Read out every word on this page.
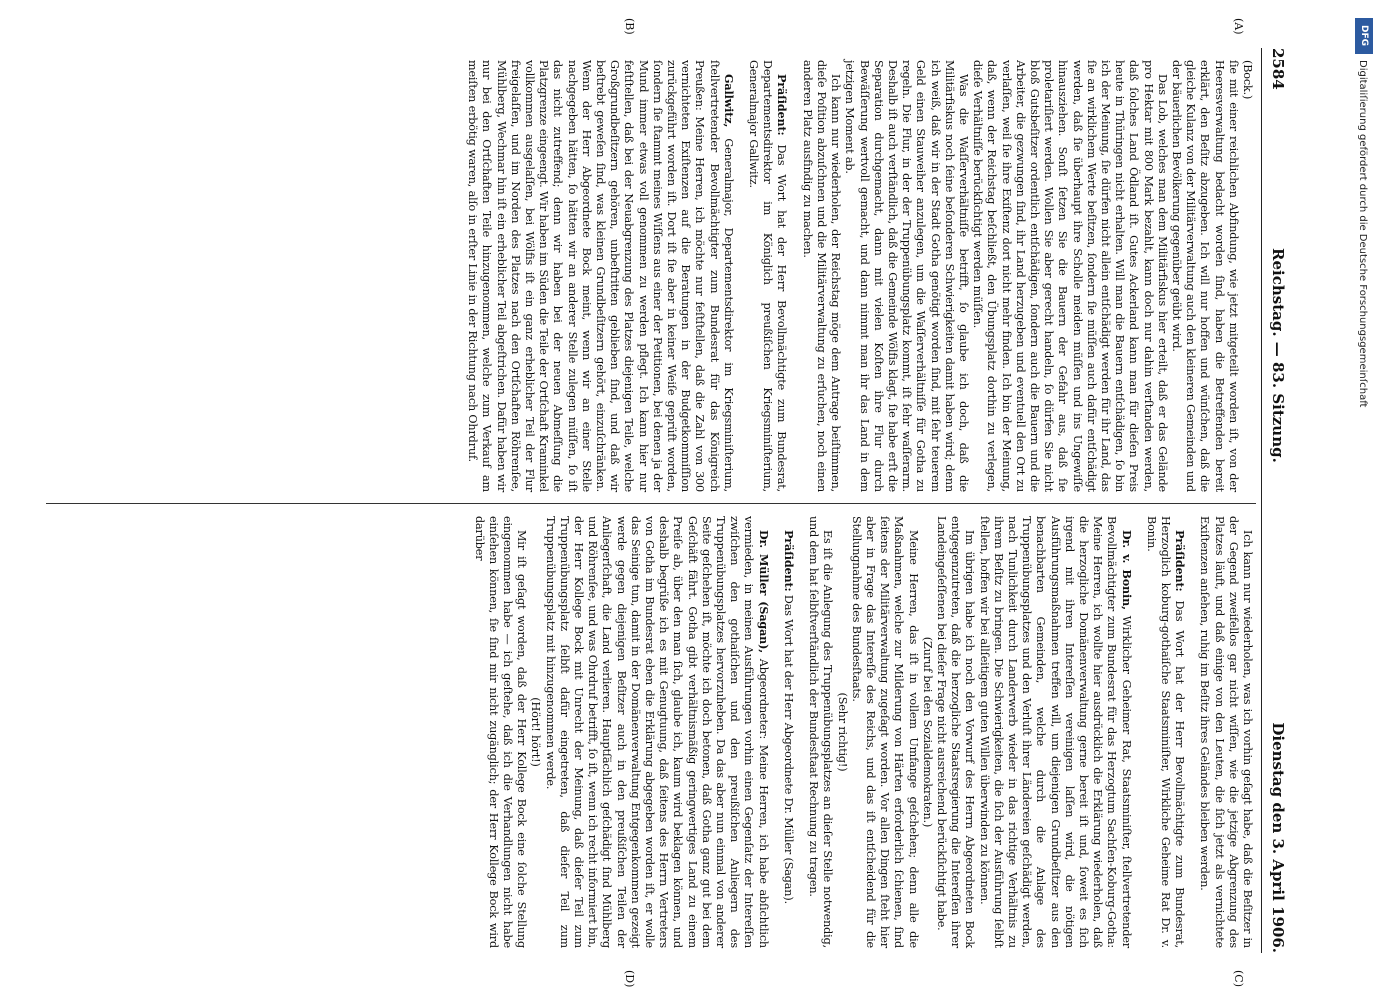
2584
Reichstag. — 83. Sitzung.
Dienstag den 3. April 1906.
(A)
(B)
(C)
(D)

(Bock.)

ſie mit einer reichlichen Abfindung, wie jetzt mitgeteilt worden iſt, von der Heeresverwaltung bedacht worden ſind, haben die Betreffenden bereit erklärt, den Beſitz abzugeben. Ich will nur hoffen und wünſchen, daß die gleiche Kulanz von der Militärverwaltung auch den kleineren Gemeinden und der bäuerlichen Bevölkerung gegenüber geübt wird.

Das Lob, welches man dem Militärfiskus hier erteilt, daß er das Gelände pro Hektar mit 800 Mark bezahlt, kann doch nur dahin verſtanden werden, daß ſolches Land Ödland iſt. Gutes Ackerland kann man für dieſen Preis heute in Thüringen nicht erhalten. Will man die Bauern entſchädigen, ſo bin ich der Meinung, ſie dürfen nicht allein entſchädigt werden für ihr Land, das ſie an wirklichem Werte beſitzen, ſondern ſie müſſen auch dafür entſchädigt werden, daß ſie überhaupt ihre Scholle meiden müſſen und ins Ungewiſſe hinausziehen. Sonſt ſetzen Sie die Bauern der Gefahr aus, daß ſie proletariſiert werden. Wollen Sie aber gerecht handeln, ſo dürfen Sie nicht bloß Gutsbeſitzer ordentlich entſchädigen, ſondern auch die Bauern und die Arbeiter, die gezwungen ſind, ihr Land herzugeben und eventuell den Ort zu verlaſſen, weil ſie ihre Exiſtenz dort nicht mehr finden. Ich bin der Meinung, daß, wenn der Reichstag beſchließt, den Übungsplatz dorthin zu verlegen, dieſe Verhältniſſe berückſichtigt werden müſſen.

Was die Waſſerverhältniſſe betrifft, ſo glaube ich doch, daß die Militärfiskus noch ſeine beſonderen Schwierigkeiten damit haben wird; denn ich weiß, daß wir in der Stadt Gotha genötigt worden ſind, mit ſehr teuerem Geld einen Stauweiher anzulegen, um die Waſſerverhältniſſe für Gotha zu regeln. Die Flur, in der der Truppenübungsplatz kommt, iſt ſehr waſſerarm. Deshalb iſt auch verſtändlich, daß die Gemeinde Wölfis klagt, ſie habe erſt die Separation durchgemacht, dann mit vielen Koſten ihre Flur durch Bewäſſerung wertvoll gemacht, und dann nimmt man ihr das Land in dem jetzigen Moment ab.

Ich kann nur wiederholen, der Reichstag möge dem Antrage beiſtimmen, dieſe Poſition abzuſchnen und die Militärverwaltung zu erſuchen, noch einen anderen Platz ausfindig zu machen.

Präſident: Das Wort hat der Herr Bevollmächtigte zum Bundesrat, Departementsdirektor im Königlich preußiſchen Kriegsminiſterium, Generalmajor Gallwitz.

Gallwitz, Generalmajor, Departementsdirektor im Kriegsminiſterium, ſtellvertretender Bevollmächtigter zum Bundesrat für das Königreich Preußen: Meine Herren, ich möchte nur feſtſtellen, daß die Zahl von 300 vernichteten Exiſtenzen auf die Beratungen in der Budgetkommiſſion zurückgeführt worden iſt. Dort iſt ſie aber in keiner Weiſe geprüft worden, ſondern ſie ſtammt meines Wiſſens aus einer der Petitionen, bei denen ja der Mund immer etwas voll genommen zu werden pflegt. Ich kann hier nur feſtſtellen, daß bei der Neuabgrenzung des Platzes diejenigen Teile, welche Großgrundbeſitzern gehören, unbeſtritten geblieben ſind, und daß wir beſtrebt geweſen ſind, was kleinen Grundbeſitzern gehört, einzuſchränken. Wenn der Herr Abgeordnete Bock meint, wenn wir an einer Stelle nachgegeben hätten, ſo hätten wir an anderer Stelle zulegen müſſen, ſo iſt das nicht zutreffend; denn wir haben bei der neuen Abmeſſung die Platzgrenze eingeengt. Wir haben im Süden die Teile der Ortſchaft Kraminkel vollkommen ausgelaſſen, bei Wölfis iſt ein ganz erheblicher Teil der Flur freigelaſſen, und im Norden des Platzes nach den Ortſchaften Röhrenſee, Mühlberg, Wechmar hin iſt ein erheblicher Teil abgeſtrichen. Dafür haben wir nur bei den Ortſchaften Teile hinzugenommen, welche zum Verkauf am meiſten erbötig waren, alſo in erſter Linie in der Richtung nach Ohrdruf.

Ich kann nur wiederholen, was ich vorhin geſagt habe, daß die Beſitzer in der Gegend zweifellos gar nicht wiſſen, wie die jetzige Abgrenzung des Platzes läuft, und daß einige von den Leuten, die ſich jetzt als vernichtete Exiſtenzen anſehen, ruhig im Beſitz ihres Geländes bleiben werden.

Präſident: Das Wort hat der Herr Bevollmächtigte zum Bundesrat, Herzoglich koburg-gothaiſche Staatsminiſter, Wirkliche Geheime Rat Dr. v. Bonin.

Dr. v. Bonin, Wirklicher Geheimer Rat, Staatsminiſter, ſtellvertretender Bevollmächtigter zum Bundesrat für das Herzogtum Sachſen-Koburg-Gotha: Meine Herren, ich wollte hier ausdrücklich die Erklärung wiederholen, daß die herzogliche Domänenverwaltung gerne bereit iſt und, ſoweit es ſich irgend mit ihren Intereſſen vereinigen laſſen wird, die nötigen Ausführungsmaßnahmen treffen will, um diejenigen Grundbeſitzer aus den benachbarten Gemeinden, welche durch die Anlage des Truppenübungsplatzes und den Verluſt ihrer Ländereien geſchädigt werden, nach Tunlichkeit durch Landerwerb wieder in das richtige Verhältnis zu ihrem Beſitz zu bringen. Die Schwierigkeiten, die ſich der Ausführung ſelbſt ſtellen, hoffen wir bei allſeitigem guten Willen überwinden zu können.

Im übrigen habe ich noch den Vorwurf des Herrn Abgeordneten Bock entgegenzutreten, daß die herzogliche Staatsregierung die Intereſſen ihrer Landeingeſeſſenen bei dieſer Frage nicht ausreichend berückſichtigt habe.

(Zuruf bei den Sozialdemokraten.)

Meine Herren, das iſt in vollem Umfange geſchehen; denn alle die Maßnahmen, welche zur Milderung von Härten erforderlich ſchienen, ſind ſeitens der Militärverwaltung zugeſagt worden. Vor allen Dingen ſteht hier aber in Frage das Intereſſe des Reichs, und das iſt entſcheidend für die Stellungnahme des Bundesſtaats.

(Sehr richtig!)

Es iſt die Anlegung des Truppenübungsplatzes an dieſer Stelle notwendig, und dem hat ſelbſtverſtändlich der Bundesſtaat Rechnung zu tragen.

Präſident: Das Wort hat der Herr Abgeordnete Dr. Müller (Sagan).

Dr. Müller (Sagan), Abgeordneter: Meine Herren, ich habe abſichtlich vermieden, in meinen Ausführungen vorhin einen Gegenſatz der Intereſſen zwiſchen den gothaiſchen und den preußiſchen Anliegern des Truppenübungsplatzes hervorzuheben. Da das aber nun einmal von anderer Seite geſchehen iſt, möchte ich doch betonen, daß Gotha ganz gut bei dem Geſchäft fährt. Gotha gibt verhältnismäßig geringwertiges Land zu einem Preiſe ab, über den man ſich, glaube ich, kaum wird beklagen können, und deshalb begrüße ich es mit Genugtuung, daß ſeitens des Herrn Vertreters von Gotha im Bundesrat eben die Erklärung abgegeben worden iſt, er wolle das Seinige tun, damit in der Domänenverwaltung Entgegenkommen gezeigt werde gegen diejenigen Beſitzer auch in den preußiſchen Teilen der Anliegerſchaft, die Land verlieren. Hauptſächlich geſchädigt ſind Mühlberg und Röhrenſee, und was Ohrdruf betrifft, ſo iſt, wenn ich recht informiert bin, der Herr Kollege Bock mit Unrecht der Meinung, daß dieſer Teil zum Truppenübungsplatz ſelbſt dafür eingetreten, daß dieſer Teil zum Truppenübungsplatz mit hinzugenommen werde.

(Hört! hört!)

Mir iſt geſagt worden, daß der Herr Kollege Bock eine ſolche Stellung eingenommen habe — ich geſtehe, daß ich die Verhandlungen nicht habe einſehen können, ſie ſind mir nicht zugänglich; der Herr Kollege Bock wird darüber

DFG
Digitaliſierung gefördert durch die Deutsche Forschungsgemeinſchaft
